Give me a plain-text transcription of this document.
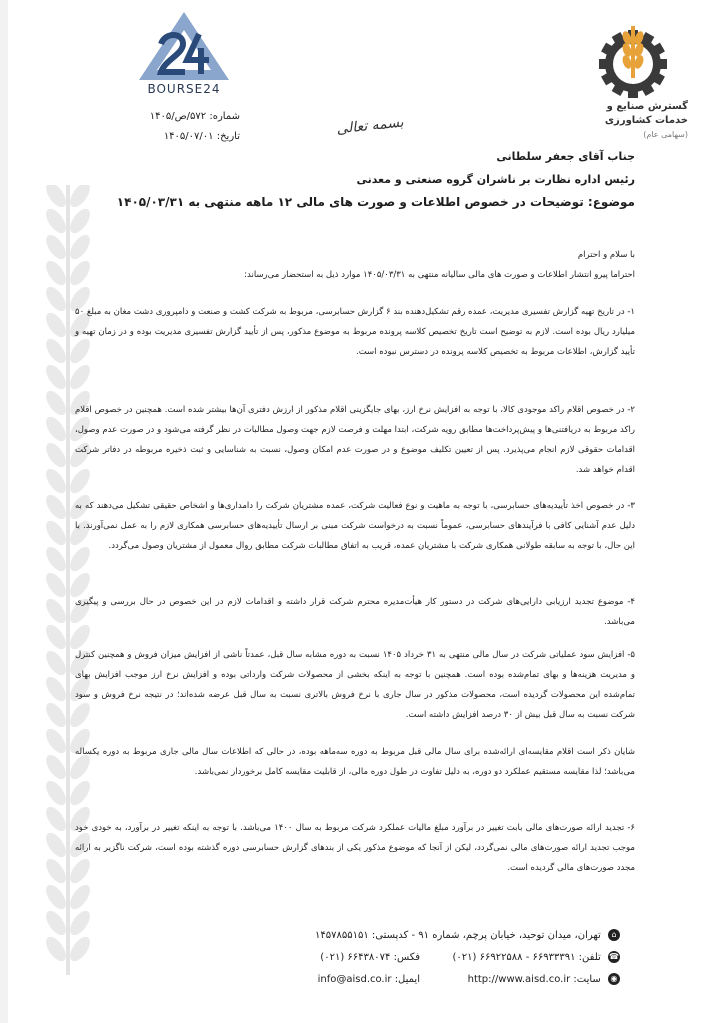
BOURSE24
شماره: ۵۷۲/ص/۱۴۰۵
تاریخ: ۱۴۰۵/۰۷/۰۱
گسترش صنایع و
خدمات کشاورزی
(سهامی عام)
بسمه تعالی
جناب آقای جعفر سلطانی
رئیس اداره نظارت بر ناشران گروه صنعتی و معدنی
موضوع: توضیحات در خصوص اطلاعات و صورت های مالی ۱۲ ماهه منتهی به ۱۴۰۵/۰۳/۳۱
با سلام و احترام
احتراما پیرو انتشار اطلاعات و صورت های مالی سالیانه منتهی به ۱۴۰۵/۰۳/۳۱ موارد ذیل به استحضار می‌رساند:
۱- در تاریخ تهیه گزارش تفسیری مدیریت، عمده رقم تشکیل‌دهنده بند ۶ گزارش حسابرسی، مربوط به شرکت کشت و صنعت و دامپروری دشت مغان به مبلغ ۵۰ میلیارد ریال بوده است. لازم به توضیح است تاریخ تخصیص کلاسه پرونده مربوط به موضوع مذکور، پس از تأیید گزارش تفسیری مدیریت بوده و در زمان تهیه و تأیید گزارش، اطلاعات مربوط به تخصیص کلاسه پرونده در دسترس نبوده است.
۲- در خصوص اقلام راکد موجودی کالا، با توجه به افزایش نرخ ارز، بهای جایگزینی اقلام مذکور از ارزش دفتری آن‌ها بیشتر شده است. همچنین در خصوص اقلام راکد مربوط به دریافتنی‌ها و پیش‌پرداخت‌ها مطابق رویه شرکت، ابتدا مهلت و فرصت لازم جهت وصول مطالبات در نظر گرفته می‌شود و در صورت عدم وصول، اقدامات حقوقی لازم انجام می‌پذیرد. پس از تعیین تکلیف موضوع و در صورت عدم امکان وصول، نسبت به شناسایی و ثبت ذخیره مربوطه در دفاتر شرکت اقدام خواهد شد.
۳- در خصوص اخذ تأییدیه‌های حسابرسی، با توجه به ماهیت و نوع فعالیت شرکت، عمده مشتریان شرکت را دامداری‌ها و اشخاص حقیقی تشکیل می‌دهند که به دلیل عدم آشنایی کافی با فرآیندهای حسابرسی، عموماً نسبت به درخواست شرکت مبنی بر ارسال تأییدیه‌های حسابرسی همکاری لازم را به عمل نمی‌آورند. با این حال، با توجه به سابقه طولانی همکاری شرکت با مشتریان عمده، قریب به اتفاق مطالبات شرکت مطابق روال معمول از مشتریان وصول می‌گردد.
۴- موضوع تجدید ارزیابی دارایی‌های شرکت در دستور کار هیأت‌مدیره محترم شرکت قرار داشته و اقدامات لازم در این خصوص در حال بررسی و پیگیری می‌باشد.
۵- افزایش سود عملیاتی شرکت در سال مالی منتهی به ۳۱ خرداد ۱۴۰۵ نسبت به دوره مشابه سال قبل، عمدتاً ناشی از افزایش میزان فروش و همچنین کنترل و مدیریت هزینه‌ها و بهای تمام‌شده بوده است. همچنین با توجه به اینکه بخشی از محصولات شرکت وارداتی بوده و افزایش نرخ ارز موجب افزایش بهای تمام‌شده این محصولات گردیده است، محصولات مذکور در سال جاری با نرخ فروش بالاتری نسبت به سال قبل عرضه شده‌اند؛ در نتیجه نرخ فروش و سود شرکت نسبت به سال قبل بیش از ۳۰ درصد افزایش داشته است.
شایان ذکر است اقلام مقایسه‌ای ارائه‌شده برای سال مالی قبل مربوط به دوره سه‌ماهه بوده، در حالی که اطلاعات سال مالی جاری مربوط به دوره یکساله می‌باشد؛ لذا مقایسه مستقیم عملکرد دو دوره، به دلیل تفاوت در طول دوره مالی، از قابلیت مقایسه کامل برخوردار نمی‌باشد.
۶- تجدید ارائه صورت‌های مالی بابت تغییر در برآورد مبلغ مالیات عملکرد شرکت مربوط به سال ۱۴۰۰ می‌باشد. با توجه به اینکه تغییر در برآورد، به خودی خود موجب تجدید ارائه صورت‌های مالی نمی‌گردد، لیکن از آنجا که موضوع مذکور یکی از بندهای گزارش حسابرسی دوره گذشته بوده است، شرکت ناگزیر به ارائه مجدد صورت‌های مالی گردیده است.
⌂ تهران، میدان توحید، خیابان پرچم، شماره ۹۱ - کدپستی: ۱۴۵۷۸۵۵۱۵۱
☎ تلفن: ۶۶۹۳۳۳۹۱ - ۶۶۹۲۲۵۸۸ (۰۲۱)
فکس: ۶۶۴۳۸۰۷۴ (۰۲۱)
◉ سایت: http://www.aisd.co.ir
ایمیل: info@aisd.co.ir
